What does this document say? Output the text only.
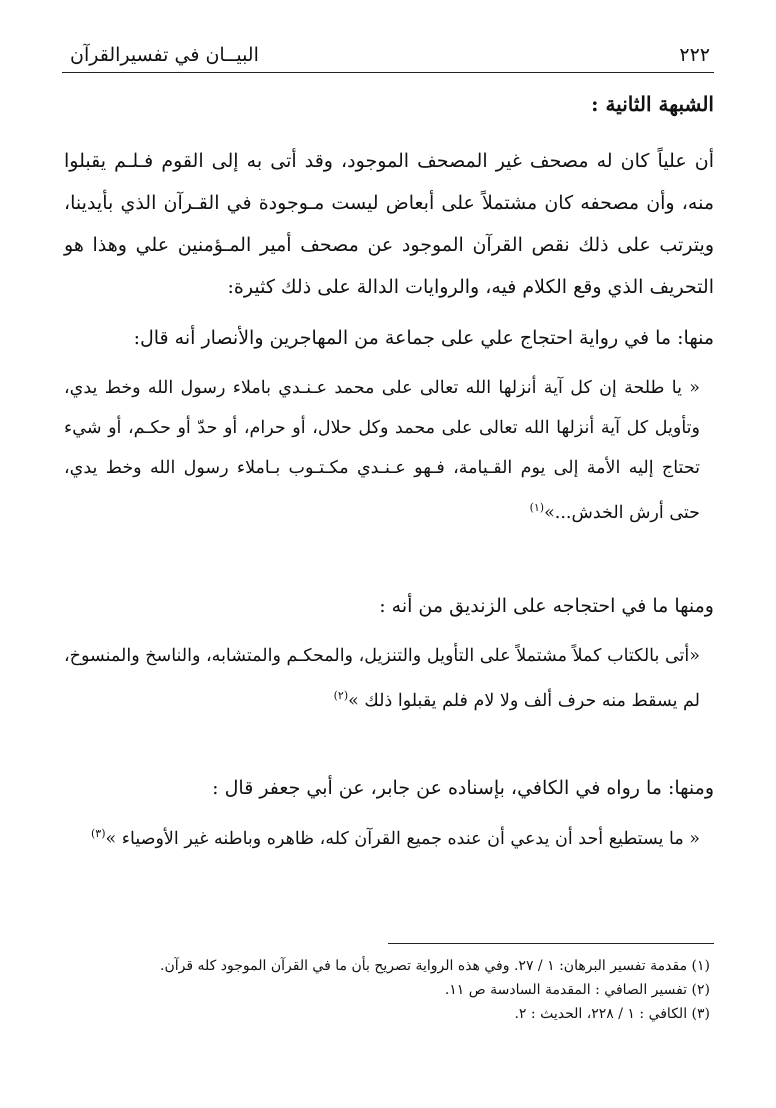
٢٢٢
البيــان في تفسيرالقرآن
الشبهة الثانية :
أن علياً كان له مصحف غير المصحف الموجود، وقد أتى به إلى القوم فـلـم يقبلوا منه، وأن مصحفه كان مشتملاً على أبعاض ليست مـوجودة في القـرآن الذي بأيدينا، ويترتب على ذلك نقص القرآن الموجود عن مصحف أمير المـؤمنين علي وهذا هو التحريف الذي وقع الكلام فيه، والروايات الدالة على ذلك كثيرة:
منها: ما في رواية احتجاج علي على جماعة من المهاجرين والأنصار أنه قال:
« يا طلحة إن كل آية أنزلها الله تعالى على محمد عـنـدي باملاء رسول الله وخط يدي، وتأويل كل آية أنزلها الله تعالى على محمد وكل حلال، أو حرام، أو حدّ أو حكـم، أو شيء تحتاج إليه الأمة إلى يوم القـيامة، فـهو عـنـدي مكـتـوب بـاملاء رسول الله وخط يدي، حتى أرش الخدش...»$^{(١)}$
ومنها ما في احتجاجه على الزنديق من أنه :
«أتى بالكتاب كملاً مشتملاً على التأويل والتنزيل، والمحكـم والمتشابه، والناسخ والمنسوخ، لم يسقط منه حرف ألف ولا لام فلم يقبلوا ذلك »$^{(٢)}$
ومنها: ما رواه في الكافي، بإسناده عن جابر، عن أبي جعفر قال :
« ما يستطيع أحد أن يدعي أن عنده جميع القرآن كله، ظاهره وباطنه غير الأوصياء »$^{(٣)}$

(١) مقدمة تفسير البرهان: ١ / ٢٧. وفي هذه الرواية تصريح بأن ما في القرآن الموجود كله قرآن.

(٢) تفسير الصافي : المقدمة السادسة ص ١١.

(٣) الكافي : ١ / ٢٢٨، الحديث : ٢.
